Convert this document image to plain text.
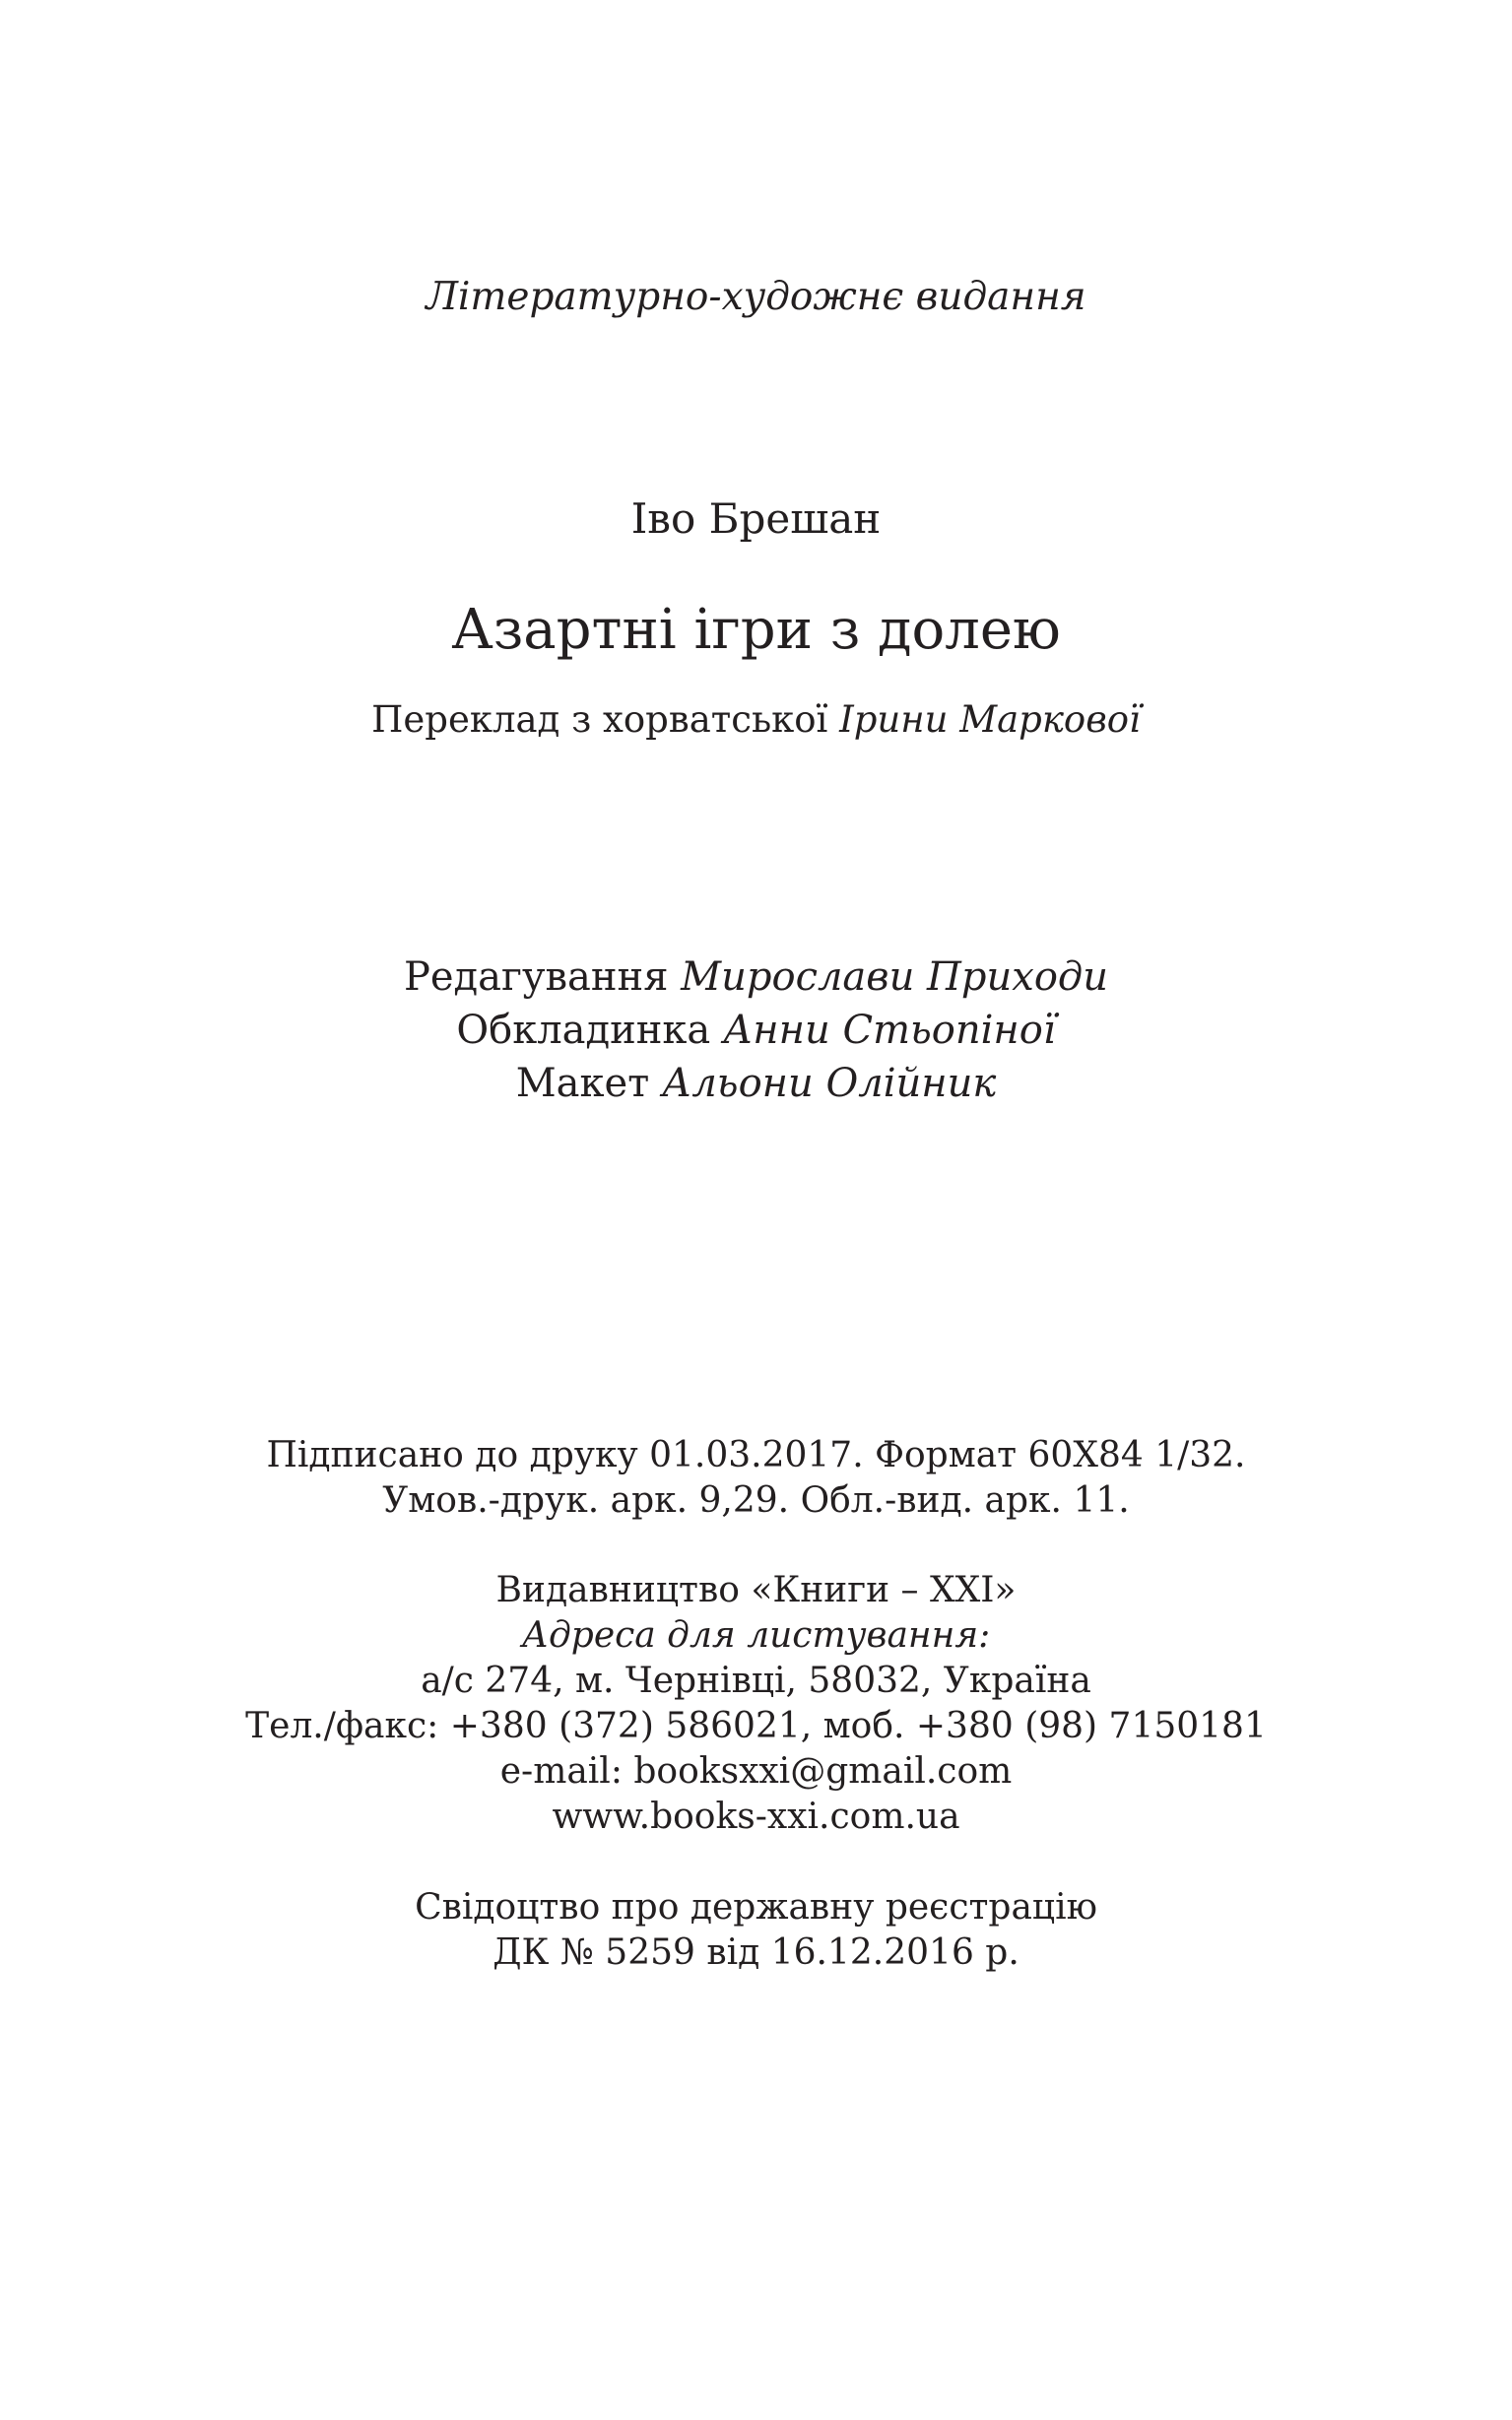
Літературно-художнє видання
Іво Брешан
Азартні ігри з долею
Переклад з хорватської Ірини Маркової
Редагування Мирослави Приходи
Обкладинка Анни Стьопіної
Макет Альони Олійник
Підписано до друку 01.03.2017. Формат 60Х84 1/32.
Умов.-друк. арк. 9,29. Обл.-вид. арк. 11.
Видавництво «Книги – ХХІ»
Адреса для листування:
а/с 274, м. Чернівці, 58032, Україна
Тел./факс: +380 (372) 586021, моб. +380 (98) 7150181
e-mail: booksxxi@gmail.com
www.books-xxi.com.ua
Свідоцтво про державну реєстрацію
ДК № 5259 від 16.12.2016 р.
